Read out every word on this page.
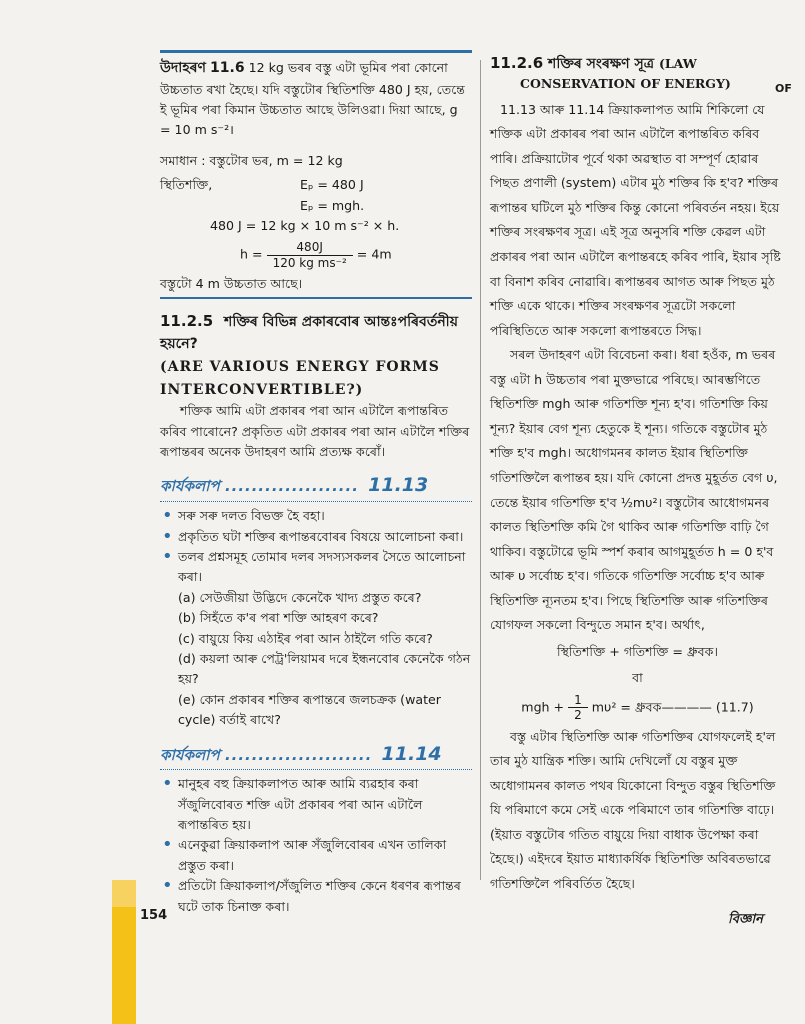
উদাহৰণ 11.6 12 kg ভৰৰ বস্তু এটা ভূমিৰ পৰা কোনো উচ্চতাত ৰখা হৈছে। যদি বস্তুটোৰ স্থিতিশক্তি 480 J হয়, তেন্তে ই ভূমিৰ পৰা কিমান উচ্চতাত আছে উলিওৱা। দিয়া আছে, g = 10 m s⁻²।
সমাধান : বস্তুটোৰ ভৰ, m = 12 kg
স্থিতিশক্তি,	Eₚ = 480 J
Eₚ = mgh.
480 J = 12 kg × 10 m s⁻² × h.
$h = \frac{480J}{\text{120 kg ms⁻²}} = 4m$
বস্তুটো 4 m উচ্চতাত আছে।
11.2.5 শক্তিৰ বিভিন্ন প্ৰকাৰবোৰ আন্তঃপৰিবৰ্তনীয় হয়নে?
(ARE VARIOUS ENERGY FORMS INTERCONVERTIBLE?)
শক্তিক আমি এটা প্ৰকাৰৰ পৰা আন এটালৈ ৰূপান্তৰিত কৰিব পাৰোনে? প্ৰকৃতিত এটা প্ৰকাৰৰ পৰা আন এটালৈ শক্তিৰ ৰূপান্তৰৰ অনেক উদাহৰণ আমি প্ৰত্যক্ষ কৰোঁ।
কাৰ্যকলাপ .................... 11.13
• সৰু সৰু দলত বিভক্ত হৈ বহা।
• প্ৰকৃতিত ঘটা শক্তিৰ ৰূপান্তৰবোৰৰ বিষয়ে আলোচনা কৰা।
• তলৰ প্ৰশ্নসমূহ তোমাৰ দলৰ সদস্যসকলৰ সৈতে আলোচনা কৰা।
(a) সেউজীয়া উদ্ভিদে কেনেকৈ খাদ্য প্ৰস্তুত কৰে?
(b) সিহঁতে ক'ৰ পৰা শক্তি আহৰণ কৰে?
(c) বায়ুয়ে কিয় এঠাইৰ পৰা আন ঠাইলৈ গতি কৰে?
(d) কয়লা আৰু পেট্ৰ'লিয়ামৰ দৰে ইন্ধনবোৰ কেনেকৈ গঠন হয়?
(e) কোন প্ৰকাৰৰ শক্তিৰ ৰূপান্তৰে জলচক্ৰক (water cycle) বৰ্তাই ৰাখে?
কাৰ্যকলাপ ...................... 11.14
• মানুহৰ বহু ক্ৰিয়াকলাপত আৰু আমি ব্যৱহাৰ কৰা সঁজুলিবোৰত শক্তি এটা প্ৰকাৰৰ পৰা আন এটালৈ ৰূপান্তৰিত হয়।
• এনেকুৱা ক্ৰিয়াকলাপ আৰু সঁজুলিবোৰৰ এখন তালিকা প্ৰস্তুত কৰা।
• প্ৰতিটো ক্ৰিয়াকলাপ/সঁজুলিত শক্তিৰ কেনে ধৰণৰ ৰূপান্তৰ ঘটে তাক চিনাক্ত কৰা।
11.2.6 শক্তিৰ সংৰক্ষণ সূত্ৰ (LAW
CONSERVATION OF ENERGY)
11.13 আৰু 11.14 ক্ৰিয়াকলাপত আমি শিকিলো যে শক্তিক এটা প্ৰকাৰৰ পৰা আন এটালৈ ৰূপান্তৰিত কৰিব পাৰি। প্ৰক্ৰিয়াটোৰ পূৰ্বে থকা অৱস্থাত বা সম্পূৰ্ণ হোৱাৰ পিছত প্ৰণালী (system) এটাৰ মুঠ শক্তিৰ কি হ'ব? শক্তিৰ ৰূপান্তৰ ঘটিলে মুঠ শক্তিৰ কিন্তু কোনো পৰিবৰ্তন নহয়। ইয়ে শক্তিৰ সংৰক্ষণৰ সূত্ৰ। এই সূত্ৰ অনুসৰি শক্তি কেৱল এটা প্ৰকাৰৰ পৰা আন এটালৈ ৰূপান্তৰহে কৰিব পাৰি, ইয়াৰ সৃষ্টি বা বিনাশ কৰিব নোৱাৰি। ৰূপান্তৰৰ আগত আৰু পিছত মুঠ শক্তি একে থাকে। শক্তিৰ সংৰক্ষণৰ সূত্ৰটো সকলো পৰিস্থিতিতে আৰু সকলো ৰূপান্তৰতে সিদ্ধ।
সৰল উদাহৰণ এটা বিবেচনা কৰা। ধৰা হওঁক, m ভৰৰ বস্তু এটা h উচ্চতাৰ পৰা মুক্তভাৱে পৰিছে। আৰম্ভণিতে স্থিতিশক্তি mgh আৰু গতিশক্তি শূন্য হ'ব। গতিশক্তি কিয় শূন্য? ইয়াৰ বেগ শূন্য হেতুকে ই শূন্য। গতিকে বস্তুটোৰ মুঠ শক্তি হ'ব mgh। অধোগমনৰ কালত ইয়াৰ স্থিতিশক্তি গতিশক্তিলৈ ৰূপান্তৰ হয়। যদি কোনো প্ৰদত্ত মুহূৰ্তত বেগ υ, তেন্তে ইয়াৰ গতিশক্তি হ'ব ½mυ²। বস্তুটোৰ আধোগমনৰ কালত স্থিতিশক্তি কমি গৈ থাকিব আৰু গতিশক্তি বাঢ়ি গৈ থাকিব। বস্তুটোৱে ভূমি স্পৰ্শ কৰাৰ আগমুহূৰ্তত h = 0 হ'ব আৰু υ সৰ্বোচ্চ হ'ব। গতিকে গতিশক্তি সৰ্বোচ্চ হ'ব আৰু স্থিতিশক্তি ন্যূনতম হ'ব। পিছে স্থিতিশক্তি আৰু গতিশক্তিৰ যোগফল সকলো বিন্দুতে সমান হ'ব। অৰ্থাৎ,
স্থিতিশক্তি + গতিশক্তি = ধ্ৰুবক।
বা
mgh + $\frac{1}{2} m\upsilon^2$ = ধ্ৰুবক———— (11.7)
বস্তু এটাৰ স্থিতিশক্তি আৰু গতিশক্তিৰ যোগফলেই হ'ল তাৰ মুঠ যান্ত্ৰিক শক্তি। আমি দেখিলোঁ যে বস্তুৰ মুক্ত অধোগামনৰ কালত পথৰ যিকোনো বিন্দুত বস্তুৰ স্থিতিশক্তি যি পৰিমাণে কমে সেই একে পৰিমাণে তাৰ গতিশক্তি বাঢ়ে। (ইয়াত বস্তুটোৰ গতিত বায়ুয়ে দিয়া বাধাক উপেক্ষা কৰা হৈছে।) এইদৰে ইয়াত মাধ্যাকৰ্ষিক স্থিতিশক্তি অবিৰতভাৱে গতিশক্তিলৈ পৰিবৰ্তিত হৈছে।
OF
154	বিজ্ঞান
